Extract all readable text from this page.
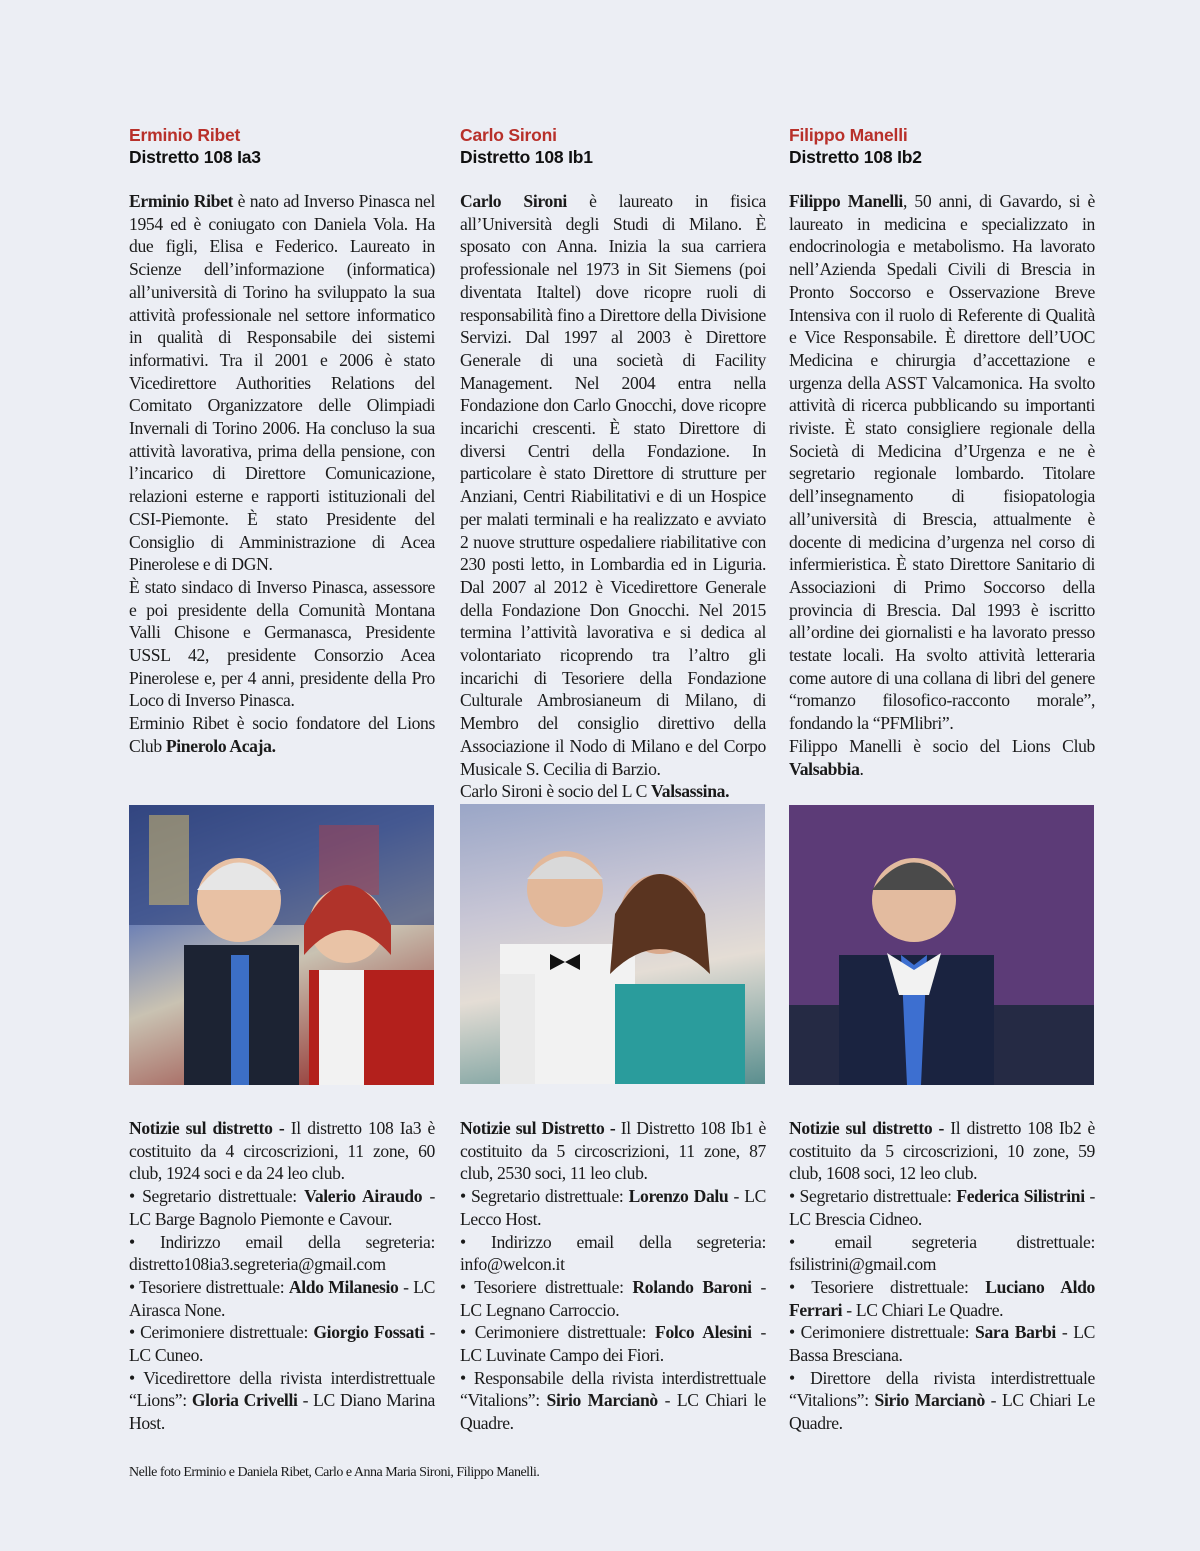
Erminio Ribet
Distretto 108 Ia3

Erminio Ribet è nato ad Inverso Pinasca nel 1954 ed è coniugato con Daniela Vola. Ha due figli, Elisa e Federico. Laureato in Scienze dell’informazione (informatica) all’università di Torino ha sviluppato la sua attività professionale nel settore informatico in qualità di Responsabile dei sistemi informativi. Tra il 2001 e 2006 è stato Vicedirettore Authorities Relations del Comitato Organizzatore delle Olimpiadi Invernali di Torino 2006. Ha concluso la sua attività lavorativa, prima della pensione, con l’incarico di Direttore Comunicazione, relazioni esterne e rapporti istituzionali del CSI-Piemonte. È stato Presidente del Consiglio di Amministrazione di Acea Pinerolese e di DGN.

È stato sindaco di Inverso Pinasca, assessore e poi presidente della Comunità Montana Valli Chisone e Germanasca, Presidente USSL 42, presidente Consorzio Acea Pinerolese e, per 4 anni, presidente della Pro Loco di Inverso Pinasca.

Erminio Ribet è socio fondatore del Lions Club Pinerolo Acaja.

Carlo Sironi
Distretto 108 Ib1

Carlo Sironi è laureato in fisica all’Università degli Studi di Milano. È sposato con Anna. Inizia la sua carriera professionale nel 1973 in Sit Siemens (poi diventata Italtel) dove ricopre ruoli di responsabilità fino a Direttore della Divisione Servizi. Dal 1997 al 2003 è Direttore Generale di una società di Facility Management. Nel 2004 entra nella Fondazione don Carlo Gnocchi, dove ricopre incarichi crescenti. È stato Direttore di diversi Centri della Fondazione. In particolare è stato Direttore di strutture per Anziani, Centri Riabilitativi e di un Hospice per malati terminali e ha realizzato e avviato 2 nuove strutture ospedaliere riabilitative con 230 posti letto, in Lombardia ed in Liguria. Dal 2007 al 2012 è Vicedirettore Generale della Fondazione Don Gnocchi. Nel 2015 termina l’attività lavorativa e si dedica al volontariato ricoprendo tra l’altro gli incarichi di Tesoriere della Fondazione Culturale Ambrosianeum di Milano, di Membro del consiglio direttivo della Associazione il Nodo di Milano e del Corpo Musicale S. Cecilia di Barzio.

Carlo Sironi è socio del L C Valsassina.

Filippo Manelli
Distretto 108 Ib2

Filippo Manelli, 50 anni, di Gavardo, si è laureato in medicina e specializzato in endocrinologia e metabolismo. Ha lavorato nell’Azienda Spedali Civili di Brescia in Pronto Soccorso e Osservazione Breve Intensiva con il ruolo di Referente di Qualità e Vice Responsabile. È direttore dell’UOC Medicina e chirurgia d’accettazione e urgenza della ASST Valcamonica. Ha svolto attività di ricerca pubblicando su importanti riviste. È stato consigliere regionale della Società di Medicina d’Urgenza e ne è segretario regionale lombardo. Titolare dell’insegnamento di fisiopatologia all’università di Brescia, attualmente è docente di medicina d’urgenza nel corso di infermieristica. È stato Direttore Sanitario di Associazioni di Primo Soccorso della provincia di Brescia. Dal 1993 è iscritto all’ordine dei giornalisti e ha lavorato presso testate locali. Ha svolto attività letteraria come autore di una collana di libri del genere “romanzo filosofico-racconto morale”, fondando la “PFMlibri”.

Filippo Manelli è socio del Lions Club Valsabbia.

Notizie sul distretto - Il distretto 108 Ia3 è costituito da 4 circoscrizioni, 11 zone, 60 club, 1924 soci e da 24 leo club.

• Segretario distrettuale: Valerio Airaudo - LC Barge Bagnolo Piemonte e Cavour.

• Indirizzo email della segreteria: distretto108ia3.segreteria@gmail.com

• Tesoriere distrettuale: Aldo Milanesio - LC Airasca None.

• Cerimoniere distrettuale: Giorgio Fossati - LC Cuneo.

• Vicedirettore della rivista interdistrettuale “Lions”: Gloria Crivelli - LC Diano Marina Host.

Notizie sul Distretto - Il Distretto 108 Ib1 è costituito da 5 circoscrizioni, 11 zone, 87 club, 2530 soci, 11 leo club.

• Segretario distrettuale: Lorenzo Dalu - LC Lecco Host.

• Indirizzo email della segreteria: info@welcon.it

• Tesoriere distrettuale: Rolando Baroni - LC Legnano Carroccio.

• Cerimoniere distrettuale: Folco Alesini - LC Luvinate Campo dei Fiori.

• Responsabile della rivista interdistrettuale “Vitalions”: Sirio Marcianò - LC Chiari le Quadre.

Notizie sul distretto - Il distretto 108 Ib2 è costituito da 5 circoscrizioni, 10 zone, 59 club, 1608 soci, 12 leo club.

• Segretario distrettuale: Federica Silistrini - LC Brescia Cidneo.

• email segreteria distrettuale: fsilistrini@gmail.com

• Tesoriere distrettuale: Luciano Aldo Ferrari - LC Chiari Le Quadre.

• Cerimoniere distrettuale: Sara Barbi - LC Bassa Bresciana.

• Direttore della rivista interdistrettuale “Vitalions”: Sirio Marcianò - LC Chiari Le Quadre.

Nelle foto Erminio e Daniela Ribet, Carlo e Anna Maria Sironi, Filippo Manelli.
